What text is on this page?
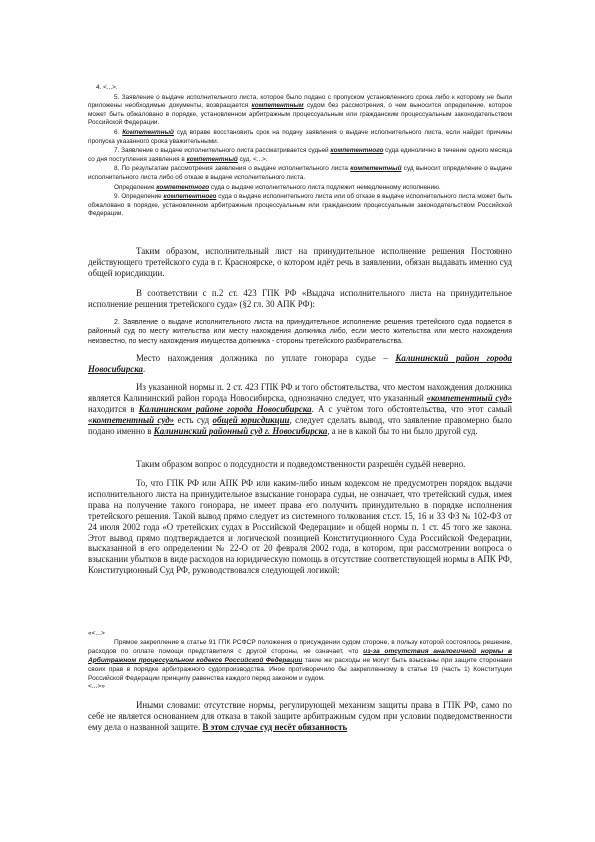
4. <...>.

5. Заявление о выдаче исполнительного листа, которое было подано с пропуском установленного срока либо к которому не были приложены необходимые документы, возвращается компетентным судом без рассмотрения, о чем выносится определение, которое может быть обжаловано в порядке, установленном арбитражным процессуальным или гражданским процессуальным законодательством Российской Федерации.

6. Компетентный суд вправе восстановить срок на подачу заявления о выдаче исполнительного листа, если найдет причины пропуска указанного срока уважительными.

7. Заявление о выдаче исполнительного листа рассматривается судьей компетентного суда единолично в течение одного месяца со дня поступления заявления в компетентный суд. <...>.

8. По результатам рассмотрения заявления о выдаче исполнительного листа компетентный суд выносит определение о выдаче исполнительного листа либо об отказе в выдаче исполнительного листа.

Определение компетентного суда о выдаче исполнительного листа подлежит немедленному исполнению.

9. Определение компетентного суда о выдаче исполнительного листа или об отказе в выдаче исполнительного листа может быть обжаловано в порядке, установленном арбитражным процессуальным или гражданским процессуальным законодательством Российской Федерации.

Таким образом, исполнительный лист на принудительное исполнение решения Постоянно действующего третейского суда в г. Красноярске, о котором идёт речь в заявлении, обязан выдавать именно суд общей юрисдикции.
В соответствии с п.2 ст. 423 ГПК РФ «Выдача исполнительного листа на принудительное исполнение решения третейского суда» (§2 гл. 30 АПК РФ):
2. Заявление о выдаче исполнительного листа на принудительное исполнение решения третейского суда подается в районный суд по месту жительства или месту нахождения должника либо, если место жительства или место нахождения неизвестно, по месту нахождения имущества должника - стороны третейского разбирательства.
Место нахождения должника по уплате гонорара судье – Калининский район города Новосибирска.
Из указанной нормы п. 2 ст. 423 ГПК РФ и того обстоятельства, что местом нахождения должника является Калининский район города Новосибирска, однозначно следует, что указанный «компетентный суд» находится в Калининском районе города Новосибирска. А с учётом того обстоятельства, что этот самый «компетентный суд» есть суд общей юрисдикции, следует сделать вывод, что заявление правомерно было подано именно в Калининский районный суд г. Новосибирска, а не в какой бы то ни было другой суд.
Таким образом вопрос о подсудности и подведомственности разрешён судьёй неверно.
То, что ГПК РФ или АПК РФ или каким-либо иным кодексом не предусмотрен порядок выдачи исполнительного листа на принудительное взыскание гонорара судьи, не означает, что третейский судья, имея права на получение такого гонорара, не имеет права его получить принудительно в порядке исполнения третейского решения. Такой вывод прямо следует из системного толкования ст.ст. 15, 16 и 33 ФЗ № 102-ФЗ от 24 июля 2002 года «О третейских судах в Российской Федерации» и общей нормы п. 1 ст. 45 того же закона. Этот вывод прямо подтверждается и логической позицией Конституционного Суда Российской Федерации, высказанной в его определении № 22-О от 20 февраля 2002 года, в котором, при рассмотрении вопроса о взыскании убытков в виде расходов на юридическую помощь в отсутствие соответствующей нормы в АПК РФ, Конституционный Суд РФ, руководствовался следующей логикой:

«<...>

Прямое закрепление в статье 91 ГПК РСФСР положения о присуждении судом стороне, в пользу которой состоялось решение, расходов по оплате помощи представителя с другой стороны, не означает, что из-за отсутствия аналогичной нормы в Арбитражном процессуальном кодексе Российской Федерации такие же расходы не могут быть взысканы при защите сторонами своих прав в порядке арбитражного судопроизводства. Иное противоречило бы закрепленному в статье 19 (часть 1) Конституции Российской Федерации принципу равенства каждого перед законом и судом.

<...>»

Иными словами: отсутствие нормы, регулирующей механизм защиты права в ГПК РФ, само по себе не является основанием для отказа в такой защите арбитражным судом при условии подведомственности ему дела о названной защите. В этом случае суд несёт обязанность
